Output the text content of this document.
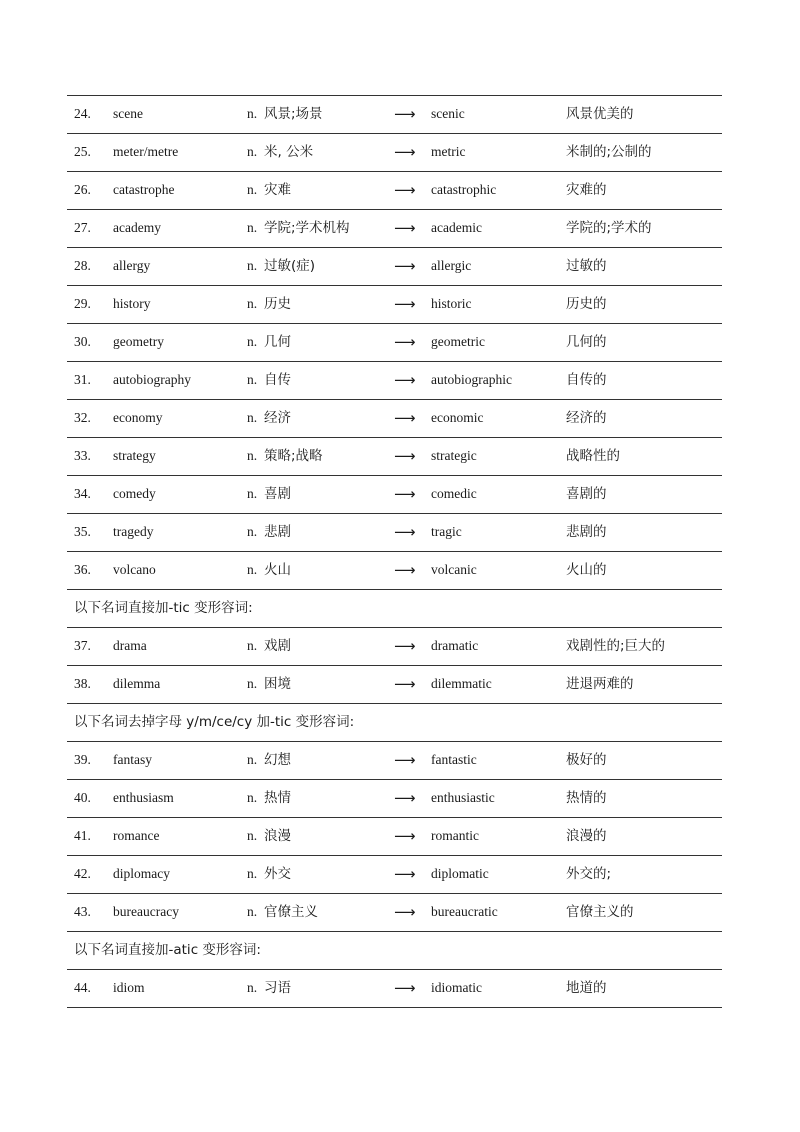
24. scene	n. 风景;场景	⟶ scenic	风景优美的
25. meter/metre	n. 米, 公米	⟶ metric	米制的;公制的
26. catastrophe	n. 灾难	⟶ catastrophic	灾难的
27. academy	n. 学院;学术机构	⟶ academic	学院的;学术的
28. allergy	n. 过敏(症)	⟶ allergic	过敏的
29. history	n. 历史	⟶ historic	历史的
30. geometry	n. 几何	⟶ geometric	几何的
31. autobiography	n. 自传	⟶ autobiographic	自传的
32. economy	n. 经济	⟶ economic	经济的
33. strategy	n. 策略;战略	⟶ strategic	战略性的
34. comedy	n. 喜剧	⟶ comedic	喜剧的
35. tragedy	n. 悲剧	⟶ tragic	悲剧的
36. volcano	n. 火山	⟶ volcanic	火山的
以下名词直接加-tic 变形容词:
37. drama	n. 戏剧	⟶ dramatic	戏剧性的;巨大的
38. dilemma	n. 困境	⟶ dilemmatic	进退两难的
以下名词去掉字母 y/m/ce/cy 加-tic 变形容词:
39. fantasy	n. 幻想	⟶ fantastic	极好的
40. enthusiasm	n. 热情	⟶ enthusiastic	热情的
41. romance	n. 浪漫	⟶ romantic	浪漫的
42. diplomacy	n. 外交	⟶ diplomatic	外交的;
43. bureaucracy	n. 官僚主义	⟶ bureaucratic	官僚主义的
以下名词直接加-atic 变形容词:
44. idiom	n. 习语	⟶ idiomatic	地道的
